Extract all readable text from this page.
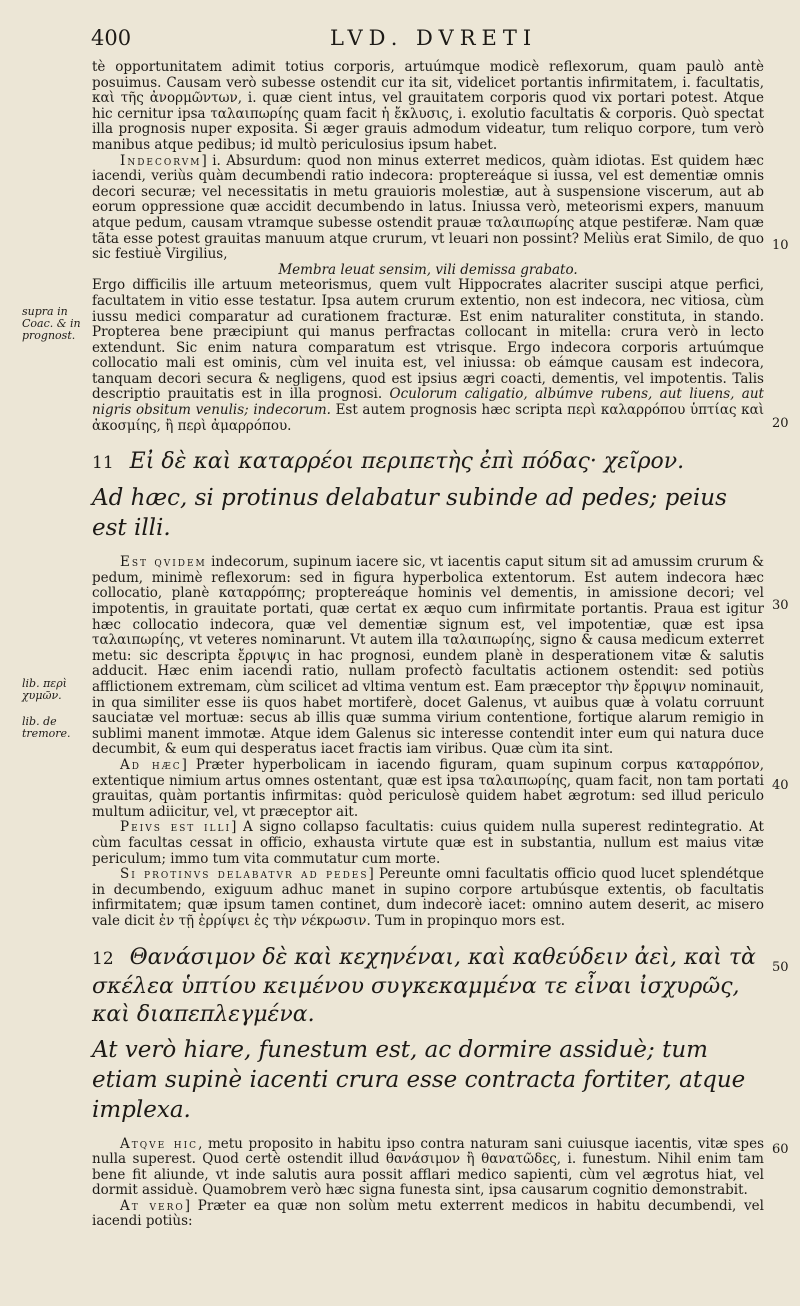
400	LVD. DVRETI
supra in Coac. & in prognost.
lib. περὶ χυμῶν.
lib. de tremore.
10
20
30
40
50
60

tè opportunitatem adimit totius corporis, artuúmque modicè reflexorum, quam paulò antè posuimus. Causam verò subesse ostendit cur ita sit, videlicet portantis infirmitatem, i. facultatis, καὶ τῆς ἀνορμῶντων, i. quæ cient intus, vel grauitatem corporis quod vix portari potest. Atque hic cernitur ipsa ταλαιπωρίης quam facit ἡ ἔκλυσις, i. exolutio facultatis & corporis. Quò spectat illa prognosis nuper exposita. Si æger grauis admodum videatur, tum reliquo corpore, tum verò manibus atque pedibus; id multò periculosius ipsum habet.

Indecorvm] i. Absurdum: quod non minus exterret medicos, quàm idiotas. Est quidem hæc iacendi, veriùs quàm decumbendi ratio indecora: proptereáque si iussa, vel est dementiæ omnis decori securæ; vel necessitatis in metu grauioris molestiæ, aut à suspensione viscerum, aut ab eorum oppressione quæ accidit decumbendo in latus. Iniussa verò, meteorismi expers, manuum atque pedum, causam vtramque subesse ostendit prauæ ταλαιπωρίης atque pestiferæ. Nam quæ tãta esse potest grauitas manuum atque crurum, vt leuari non possint? Meliùs erat Similo, de quo sic festiuè Virgilius,

Membra leuat sensim, vili demissa grabato.

Ergo difficilis ille artuum meteorismus, quem vult Hippocrates alacriter suscipi atque perfici, facultatem in vitio esse testatur. Ipsa autem crurum extentio, non est indecora, nec vitiosa, cùm iussu medici comparatur ad curationem fracturæ. Est enim naturaliter constituta, in stando. Propterea bene præcipiunt qui manus perfractas collocant in mitella: crura verò in lecto extendunt. Sic enim natura comparatum est vtrisque. Ergo indecora corporis artuúmque collocatio mali est ominis, cùm vel inuita est, vel iniussa: ob eámque causam est indecora, tanquam decori secura & negligens, quod est ipsius ægri coacti, dementis, vel impotentis. Talis descriptio prauitatis est in illa prognosi. Oculorum caligatio, albúmve rubens, aut liuens, aut nigris obsitum venulis; indecorum. Est autem prognosis hæc scripta περὶ καλαρρόπου ὑπτίας καὶ ἀκοσμίης, ἢ περὶ ἀμαρρόπου.

11 Εἰ δὲ καὶ καταρρέοι περιπετὴς ἐπὶ πόδας· χεῖρον.
Ad hæc, si protinus delabatur subinde ad pedes; peius est illi.

Est qvidem indecorum, supinum iacere sic, vt iacentis caput situm sit ad amussim crurum & pedum, minimè reflexorum: sed in figura hyperbolica extentorum. Est autem indecora hæc collocatio, planè καταρρόπης; proptereáque hominis vel dementis, in amissione decori; vel impotentis, in grauitate portati, quæ certat ex æquo cum infirmitate portantis. Praua est igitur hæc collocatio indecora, quæ vel dementiæ signum est, vel impotentiæ, quæ est ipsa ταλαιπωρίης, vt veteres nominarunt. Vt autem illa ταλαιπωρίης, signo & causa medicum exterret metu: sic descripta ἔρριψις in hac prognosi, eundem planè in desperationem vitæ & salutis adducit. Hæc enim iacendi ratio, nullam profectò facultatis actionem ostendit: sed potiùs afflictionem extremam, cùm scilicet ad vltima ventum est. Eam præceptor τὴν ἔρριψιν nominauit, in qua similiter esse iis quos habet mortiferè, docet Galenus, vt auibus quæ à volatu corruunt sauciatæ vel mortuæ: secus ab illis quæ summa virium contentione, fortique alarum remigio in sublimi manent immotæ. Atque idem Galenus sic interesse contendit inter eum qui natura duce decumbit, & eum qui desperatus iacet fractis iam viribus. Quæ cùm ita sint.

Ad hæc] Præter hyperbolicam in iacendo figuram, quam supinum corpus καταρρόπον, extentique nimium artus omnes ostentant, quæ est ipsa ταλαιπωρίης, quam facit, non tam portati grauitas, quàm portantis infirmitas: quòd periculosè quidem habet ægrotum: sed illud periculo multum adiicitur, vel, vt præceptor ait.

Peivs est illi] A signo collapso facultatis: cuius quidem nulla superest redintegratio. At cùm facultas cessat in officio, exhausta virtute quæ est in substantia, nullum est maius vitæ periculum; immo tum vita commutatur cum morte.

Si protinvs delabatvr ad pedes] Pereunte omni facultatis officio quod lucet splendétque in decumbendo, exiguum adhuc manet in supino corpore artubúsque extentis, ob facultatis infirmitatem; quæ ipsum tamen continet, dum indecorè iacet: omnino autem deserit, ac misero vale dicit ἐν τῇ ἐρρίψει ἐς τὴν νέκρωσιν. Tum in propinquo mors est.

12 Θανάσιμον δὲ καὶ κεχηνέναι, καὶ καθεύδειν ἀεὶ, καὶ τὰ σκέλεα ὑπτίου κειμένου συγκεκαμμένα τε εἶναι ἰσχυρῶς, καὶ διαπεπλεγμένα.
At verò hiare, funestum est, ac dormire assiduè; tum etiam supinè iacenti crura esse contracta fortiter, atque implexa.

Atqve hic, metu proposito in habitu ipso contra naturam sani cuiusque iacentis, vitæ spes nulla superest. Quod certè ostendit illud θανάσιμον ἢ θανατῶδες, i. funestum. Nihil enim tam bene fit aliunde, vt inde salutis aura possit afflari medico sapienti, cùm vel ægrotus hiat, vel dormit assiduè. Quamobrem verò hæc signa funesta sint, ipsa causarum cognitio demonstrabit.

At vero] Præter ea quæ non solùm metu exterrent medicos in habitu decumbendi, vel iacendi potiùs:
